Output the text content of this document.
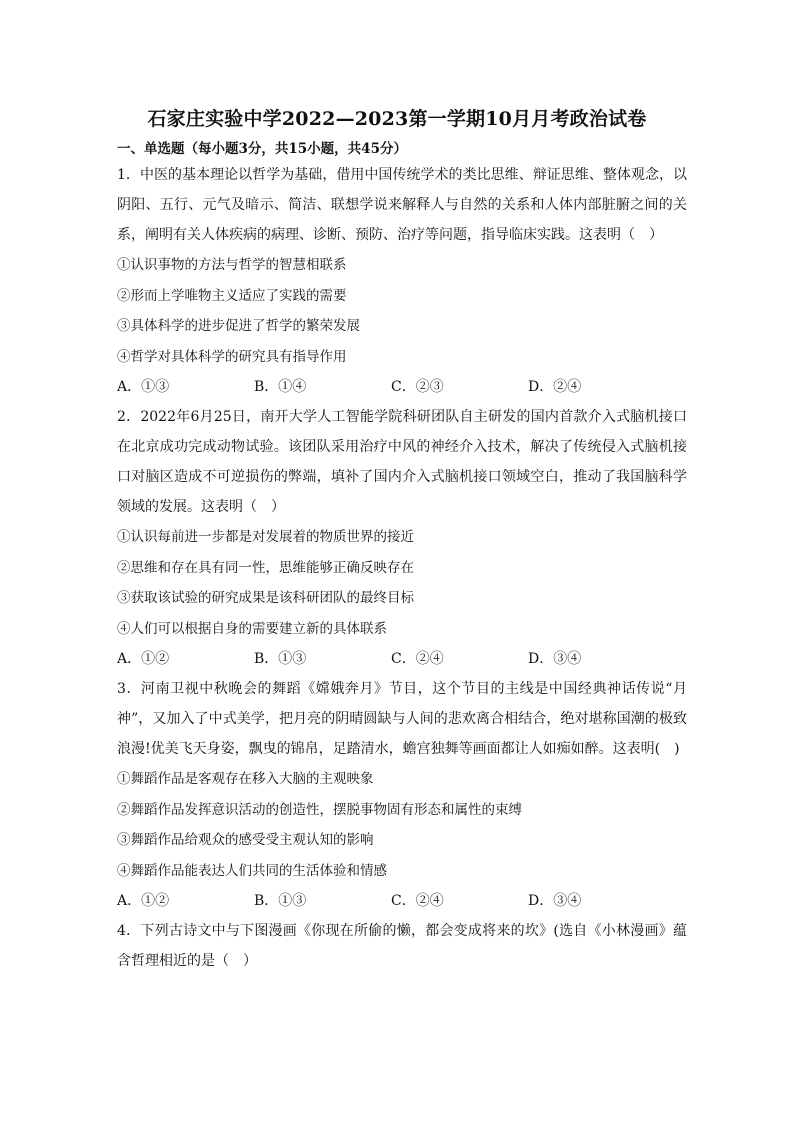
石家庄实验中学2022—2023第一学期10月月考政治试卷
一、单选题（每小题3分，共15小题，共45分）

1．中医的基本理论以哲学为基础，借用中国传统学术的类比思维、辩证思维、整体观念，以阴阳、五行、元气及暗示、简洁、联想学说来解释人与自然的关系和人体内部脏腑之间的关系，阐明有关人体疾病的病理、诊断、预防、治疗等问题，指导临床实践。这表明（　）

①认识事物的方法与哲学的智慧相联系

②形而上学唯物主义适应了实践的需要

③具体科学的进步促进了哲学的繁荣发展

④哲学对具体科学的研究具有指导作用

A．①③	B．①④	C．②③	D．②④

2．2022年6月25日，南开大学人工智能学院科研团队自主研发的国内首款介入式脑机接口在北京成功完成动物试验。该团队采用治疗中风的神经介入技术，解决了传统侵入式脑机接口对脑区造成不可逆损伤的弊端，填补了国内介入式脑机接口领域空白，推动了我国脑科学领域的发展。这表明（　）

①认识每前进一步都是对发展着的物质世界的接近

②思维和存在具有同一性，思维能够正确反映存在

③获取该试验的研究成果是该科研团队的最终目标

④人们可以根据自身的需要建立新的具体联系

A．①②	B．①③	C．②④	D．③④

3．河南卫视中秋晚会的舞蹈《嫦娥奔月》节目，这个节目的主线是中国经典神话传说“月神”，又加入了中式美学，把月亮的阴晴圆缺与人间的悲欢离合相结合，绝对堪称国潮的极致浪漫!优美飞天身姿，飘曳的锦帛，足踏清水，蟾宫独舞等画面都让人如痴如醉。这表明(　)

①舞蹈作品是客观存在移入大脑的主观映象

②舞蹈作品发挥意识活动的创造性，摆脱事物固有形态和属性的束缚

③舞蹈作品给观众的感受受主观认知的影响

④舞蹈作品能表达人们共同的生活体验和情感

A．①②	B．①③	C．②④	D．③④

4．下列古诗文中与下图漫画《你现在所偷的懒，都会变成将来的坎》(选自《小林漫画》蕴含哲理相近的是（　）
